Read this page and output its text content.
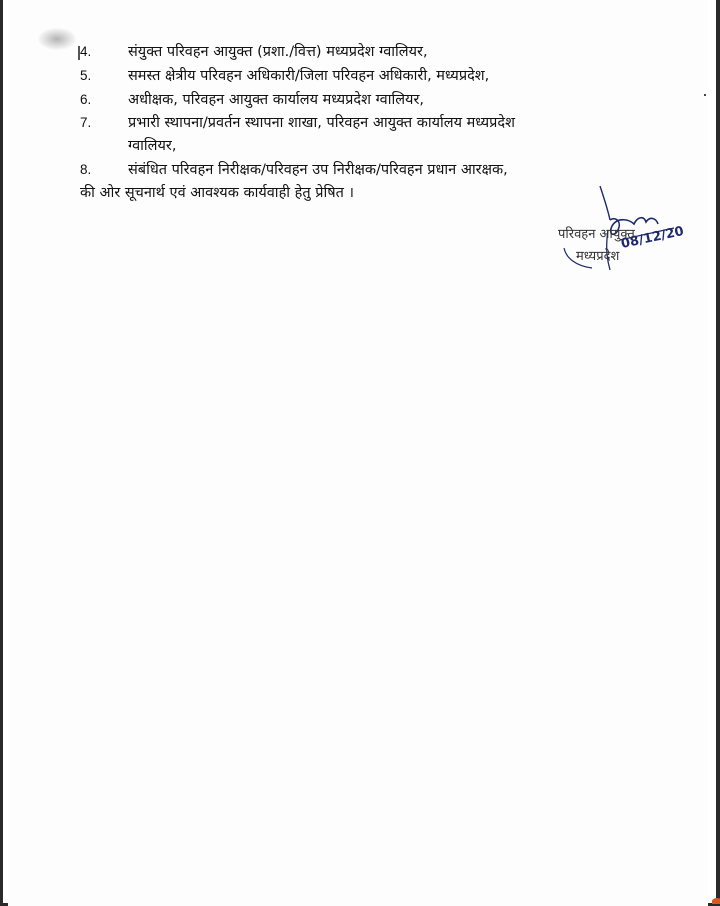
4.	संयुक्त परिवहन आयुक्त (प्रशा./वित्त) मध्यप्रदेश ग्वालियर,
5.	समस्त क्षेत्रीय परिवहन अधिकारी/जिला परिवहन अधिकारी, मध्यप्रदेश,
6.	अधीक्षक, परिवहन आयुक्त कार्यालय मध्यप्रदेश ग्वालियर,
7.	प्रभारी स्थापना/प्रवर्तन स्थापना शाखा, परिवहन आयुक्त कार्यालय मध्यप्रदेश
ग्वालियर,
8.	संबंधित परिवहन निरीक्षक/परिवहन उप निरीक्षक/परिवहन प्रधान आरक्षक,
की ओर सूचनार्थ एवं आवश्यक कार्यवाही हेतु प्रेषित ।
08/12/20
परिवहन आयुक्त
मध्यप्रदेश
